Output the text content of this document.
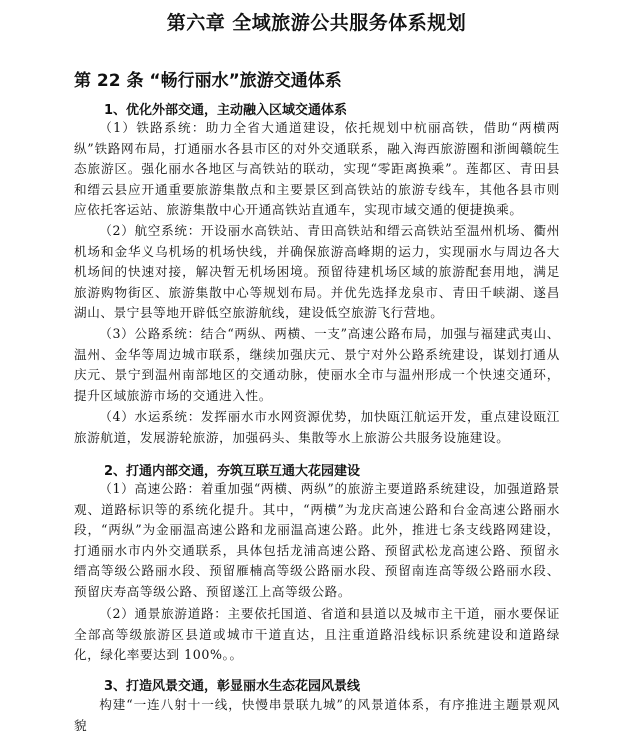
第六章 全域旅游公共服务体系规划
第 22 条 “畅行丽水”旅游交通体系
1、优化外部交通，主动融入区域交通体系

（1）铁路系统：助力全省大通道建设，依托规划中杭丽高铁，借助“两横两纵”铁路网布局，打通丽水各县市区的对外交通联系，融入海西旅游圈和浙闽赣皖生态旅游区。强化丽水各地区与高铁站的联动，实现“零距离换乘”。莲都区、青田县和缙云县应开通重要旅游集散点和主要景区到高铁站的旅游专线车，其他各县市则应依托客运站、旅游集散中心开通高铁站直通车，实现市域交通的便捷换乘。

（2）航空系统：开设丽水高铁站、青田高铁站和缙云高铁站至温州机场、衢州机场和金华义乌机场的机场快线，并确保旅游高峰期的运力，实现丽水与周边各大机场间的快速对接，解决暂无机场困境。预留待建机场区域的旅游配套用地，满足旅游购物街区、旅游集散中心等规划布局。并优先选择龙泉市、青田千峡湖、遂昌湖山、景宁县等地开辟低空旅游航线，建设低空旅游飞行营地。

（3）公路系统：结合“两纵、两横、一支”高速公路布局，加强与福建武夷山、温州、金华等周边城市联系，继续加强庆元、景宁对外公路系统建设，谋划打通从庆元、景宁到温州南部地区的交通动脉，使丽水全市与温州形成一个快速交通环，提升区域旅游市场的交通进入性。

（4）水运系统：发挥丽水市水网资源优势，加快瓯江航运开发，重点建设瓯江旅游航道，发展游轮旅游，加强码头、集散等水上旅游公共服务设施建设。

2、打通内部交通，夯筑互联互通大花园建设

（1）高速公路：着重加强“两横、两纵”的旅游主要道路系统建设，加强道路景观、道路标识等的系统化提升。其中，“两横”为龙庆高速公路和台金高速公路丽水段，“两纵”为金丽温高速公路和龙丽温高速公路。此外，推进七条支线路网建设，打通丽水市内外交通联系，具体包括龙浦高速公路、预留武松龙高速公路、预留永缙高等级公路丽水段、预留雁楠高等级公路丽水段、预留南连高等级公路丽水段、预留庆寿高等级公路、预留遂江上高等级公路。

（2）通景旅游道路：主要依托国道、省道和县道以及城市主干道，丽水要保证全部高等级旅游区县道或城市干道直达，且注重道路沿线标识系统建设和道路绿化，绿化率要达到 100%。。

3、打造风景交通，彰显丽水生态花园风景线

构建“一连八射十一线，快慢串景联九城”的风景道体系，有序推进主题景观风貌
